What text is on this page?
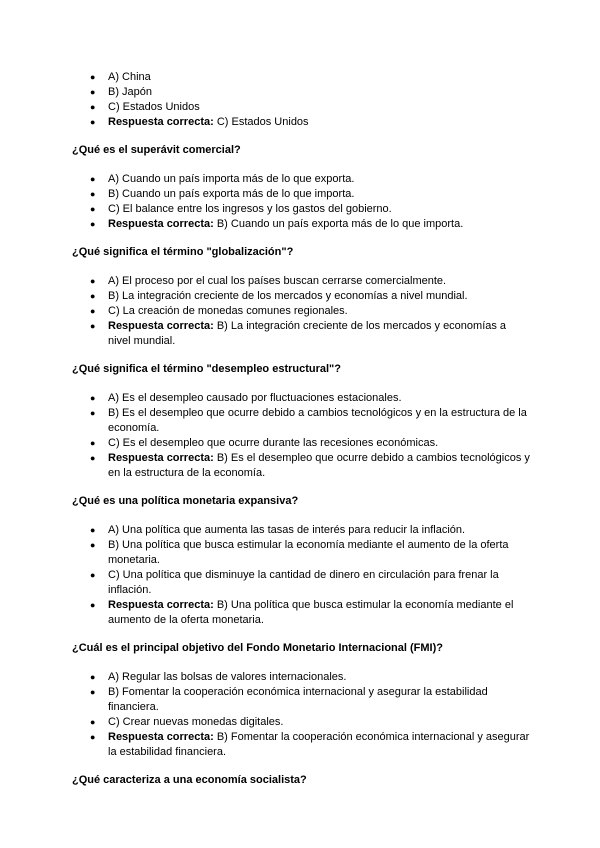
● A) China
● B) Japón
● C) Estados Unidos
● Respuesta correcta: C) Estados Unidos

¿Qué es el superávit comercial?

● A) Cuando un país importa más de lo que exporta.
● B) Cuando un país exporta más de lo que importa.
● C) El balance entre los ingresos y los gastos del gobierno.
● Respuesta correcta: B) Cuando un país exporta más de lo que importa.

¿Qué significa el término "globalización"?

● A) El proceso por el cual los países buscan cerrarse comercialmente.
● B) La integración creciente de los mercados y economías a nivel mundial.
● C) La creación de monedas comunes regionales.
● Respuesta correcta: B) La integración creciente de los mercados y economías a nivel mundial.

¿Qué significa el término "desempleo estructural"?

● A) Es el desempleo causado por fluctuaciones estacionales.
● B) Es el desempleo que ocurre debido a cambios tecnológicos y en la estructura de la economía.
● C) Es el desempleo que ocurre durante las recesiones económicas.
● Respuesta correcta: B) Es el desempleo que ocurre debido a cambios tecnológicos y en la estructura de la economía.

¿Qué es una política monetaria expansiva?

● A) Una política que aumenta las tasas de interés para reducir la inflación.
● B) Una política que busca estimular la economía mediante el aumento de la oferta monetaria.
● C) Una política que disminuye la cantidad de dinero en circulación para frenar la inflación.
● Respuesta correcta: B) Una política que busca estimular la economía mediante el aumento de la oferta monetaria.

¿Cuál es el principal objetivo del Fondo Monetario Internacional (FMI)?

● A) Regular las bolsas de valores internacionales.
● B) Fomentar la cooperación económica internacional y asegurar la estabilidad financiera.
● C) Crear nuevas monedas digitales.
● Respuesta correcta: B) Fomentar la cooperación económica internacional y asegurar la estabilidad financiera.

¿Qué caracteriza a una economía socialista?
